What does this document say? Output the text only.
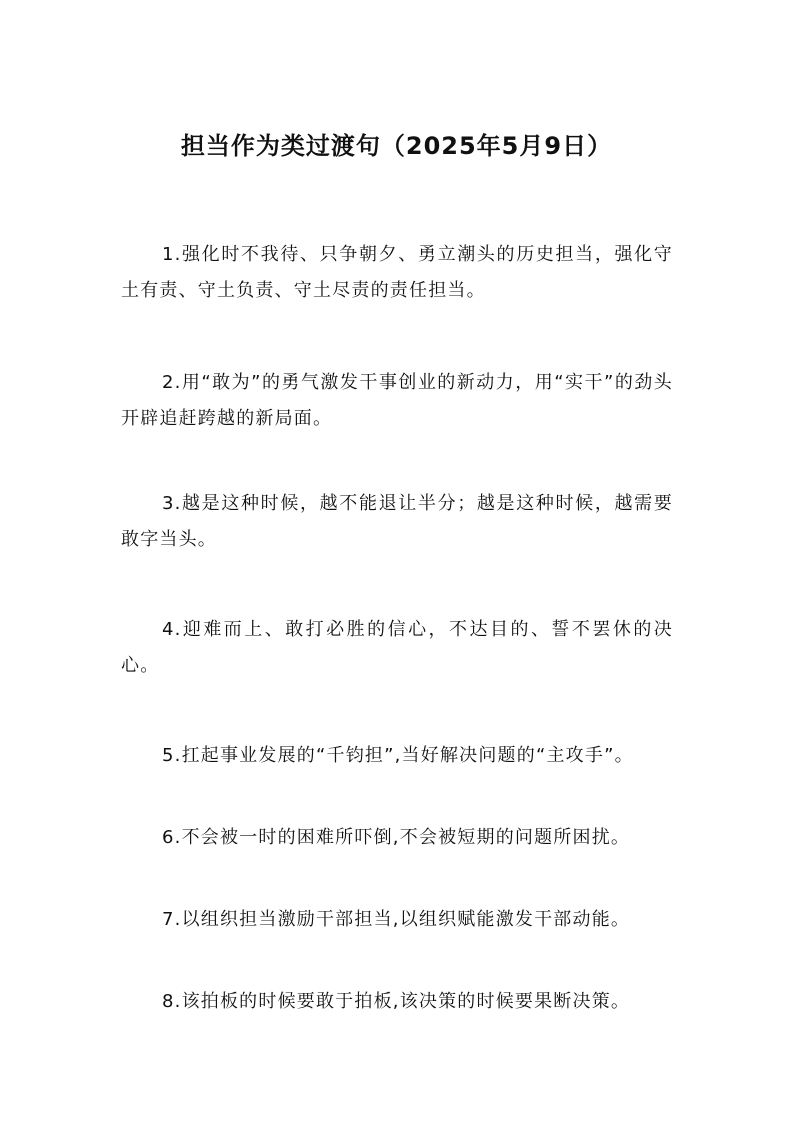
担当作为类过渡句（2025年5月9日）

1.强化时不我待、只争朝夕、勇立潮头的历史担当，强化守土有责、守土负责、守土尽责的责任担当。

2.用“敢为”的勇气激发干事创业的新动力，用“实干”的劲头开辟追赶跨越的新局面。

3.越是这种时候，越不能退让半分；越是这种时候，越需要敢字当头。

4.迎难而上、敢打必胜的信心，不达目的、誓不罢休的决心。

5.扛起事业发展的“千钧担”,当好解决问题的“主攻手”。

6.不会被一时的困难所吓倒,不会被短期的问题所困扰。

7.以组织担当激励干部担当,以组织赋能激发干部动能。

8.该拍板的时候要敢于拍板,该决策的时候要果断决策。
